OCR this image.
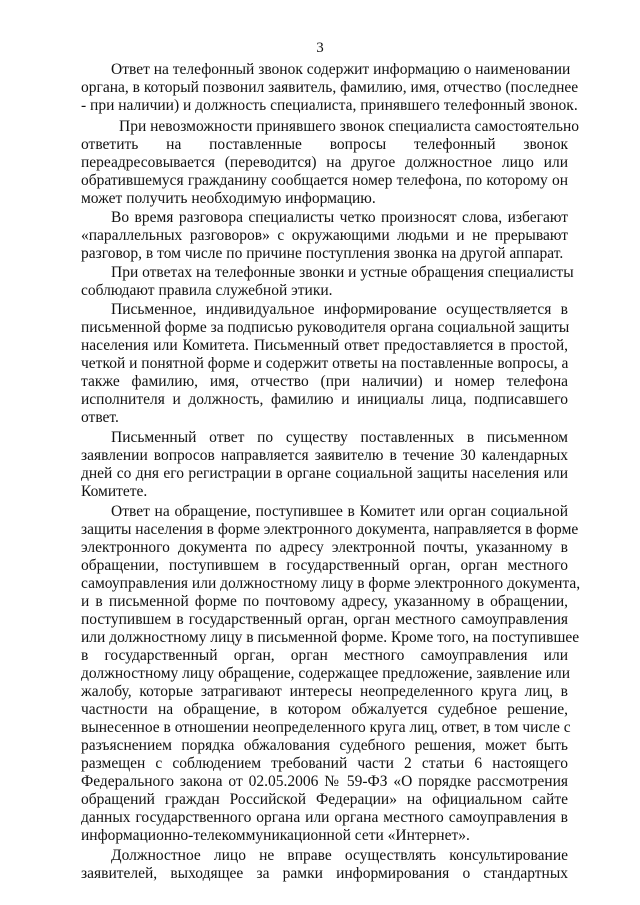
3
Ответ на телефонный звонок содержит информацию о наименовании
органа, в который позвонил заявитель, фамилию, имя, отчество (последнее
- при наличии) и должность специалиста, принявшего телефонный звонок.
При невозможности принявшего звонок специалиста самостоятельно
ответить на поставленные вопросы телефонный звонок
переадресовывается (переводится) на другое должностное лицо или
обратившемуся гражданину сообщается номер телефона, по которому он
может получить необходимую информацию.
Во время разговора специалисты четко произносят слова, избегают
«параллельных разговоров» с окружающими людьми и не прерывают
разговор, в том числе по причине поступления звонка на другой аппарат.
При ответах на телефонные звонки и устные обращения специалисты
соблюдают правила служебной этики.
Письменное, индивидуальное информирование осуществляется в
письменной форме за подписью руководителя органа социальной защиты
населения или Комитета. Письменный ответ предоставляется в простой,
четкой и понятной форме и содержит ответы на поставленные вопросы, а
также фамилию, имя, отчество (при наличии) и номер телефона
исполнителя и должность, фамилию и инициалы лица, подписавшего
ответ.
Письменный ответ по существу поставленных в письменном
заявлении вопросов направляется заявителю в течение 30 календарных
дней со дня его регистрации в органе социальной защиты населения или
Комитете.
Ответ на обращение, поступившее в Комитет или орган социальной
защиты населения в форме электронного документа, направляется в форме
электронного документа по адресу электронной почты, указанному в
обращении, поступившем в государственный орган, орган местного
самоуправления или должностному лицу в форме электронного документа,
и в письменной форме по почтовому адресу, указанному в обращении,
поступившем в государственный орган, орган местного самоуправления
или должностному лицу в письменной форме. Кроме того, на поступившее
в государственный орган, орган местного самоуправления или
должностному лицу обращение, содержащее предложение, заявление или
жалобу, которые затрагивают интересы неопределенного круга лиц, в
частности на обращение, в котором обжалуется судебное решение,
вынесенное в отношении неопределенного круга лиц, ответ, в том числе с
разъяснением порядка обжалования судебного решения, может быть
размещен с соблюдением требований части 2 статьи 6 настоящего
Федерального закона от 02.05.2006 № 59-ФЗ «О порядке рассмотрения
обращений граждан Российской Федерации» на официальном сайте
данных государственного органа или органа местного самоуправления в
информационно-телекоммуникационной сети «Интернет».
Должностное лицо не вправе осуществлять консультирование
заявителей, выходящее за рамки информирования о стандартных
